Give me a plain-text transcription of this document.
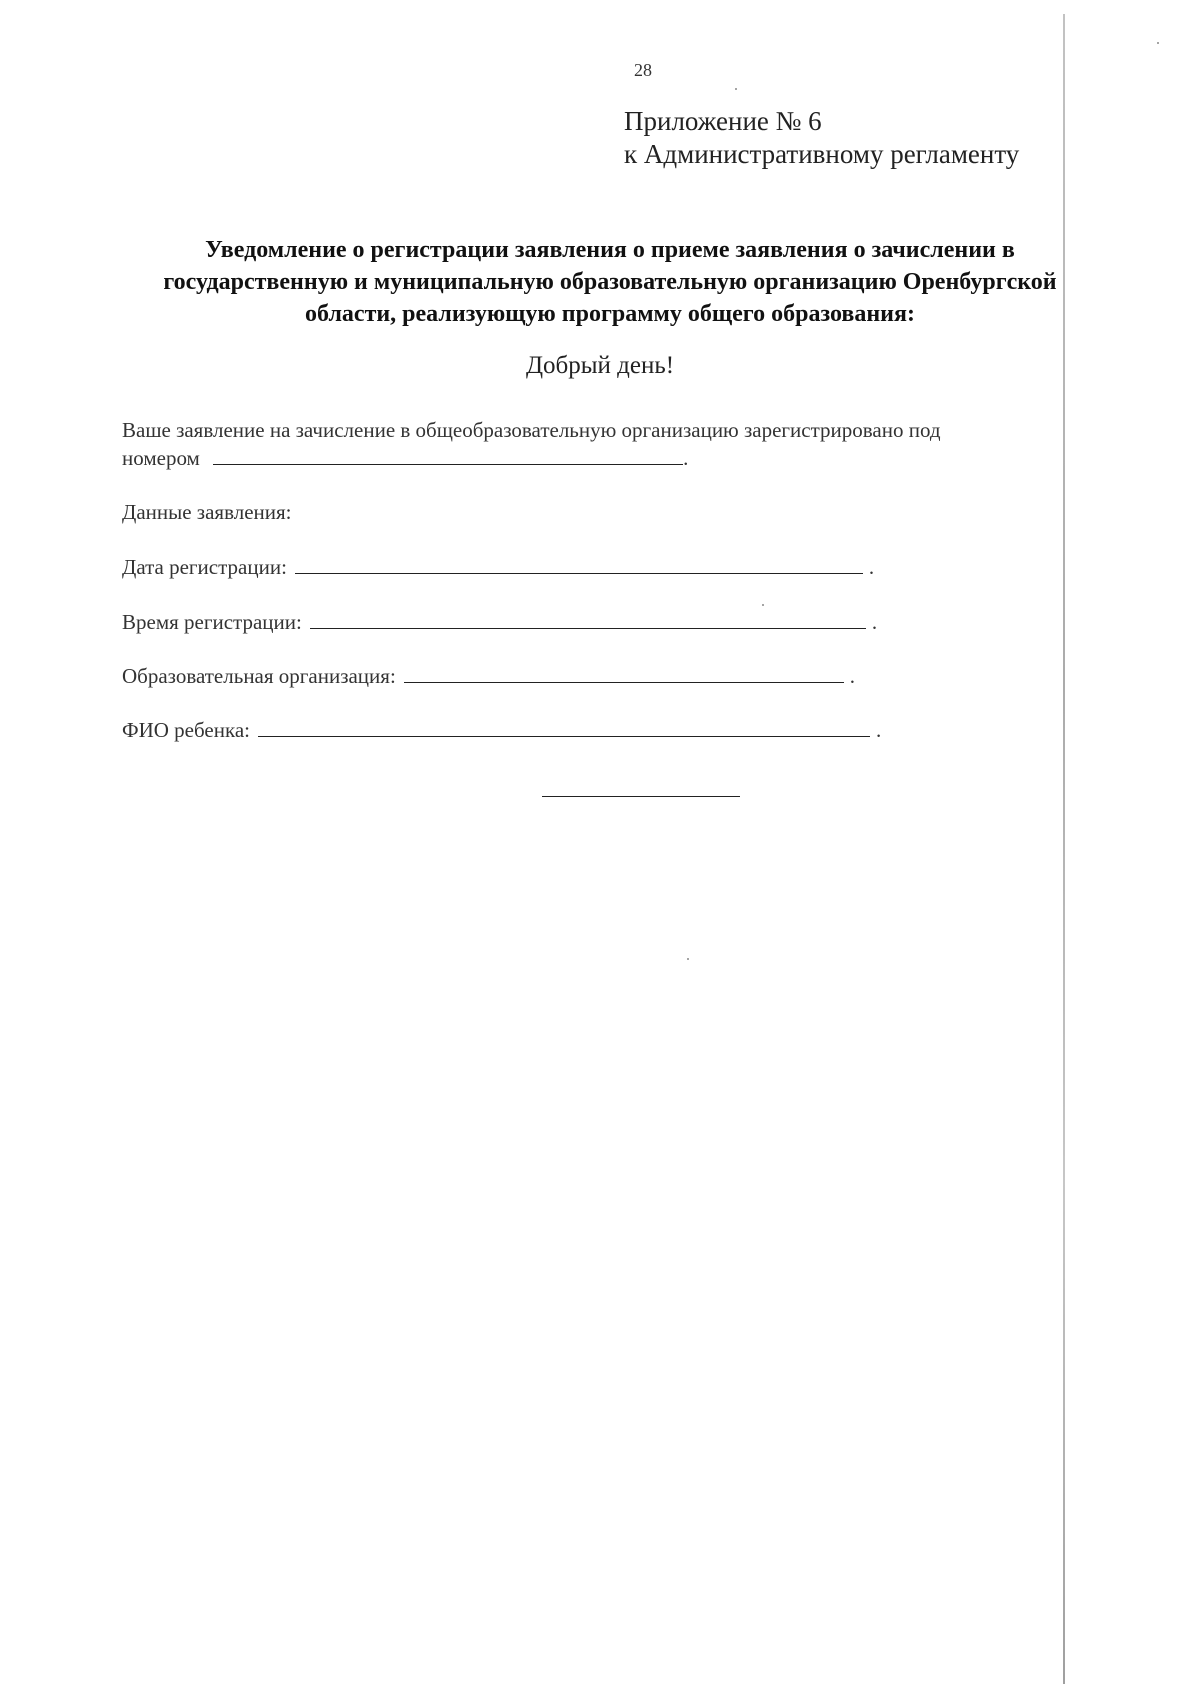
28
Приложение № 6
к Административному регламенту
Уведомление о регистрации заявления о приеме заявления о зачислении в
государственную и муниципальную образовательную организацию Оренбургской
области, реализующую программу общего образования:
Добрый день!
Ваше заявление на зачисление в общеобразовательную организацию зарегистрировано под
номером	.
Данные заявления:
Дата регистрации:	.
Время регистрации:	.
Образовательная организация:	.
ФИО ребенка:	.
